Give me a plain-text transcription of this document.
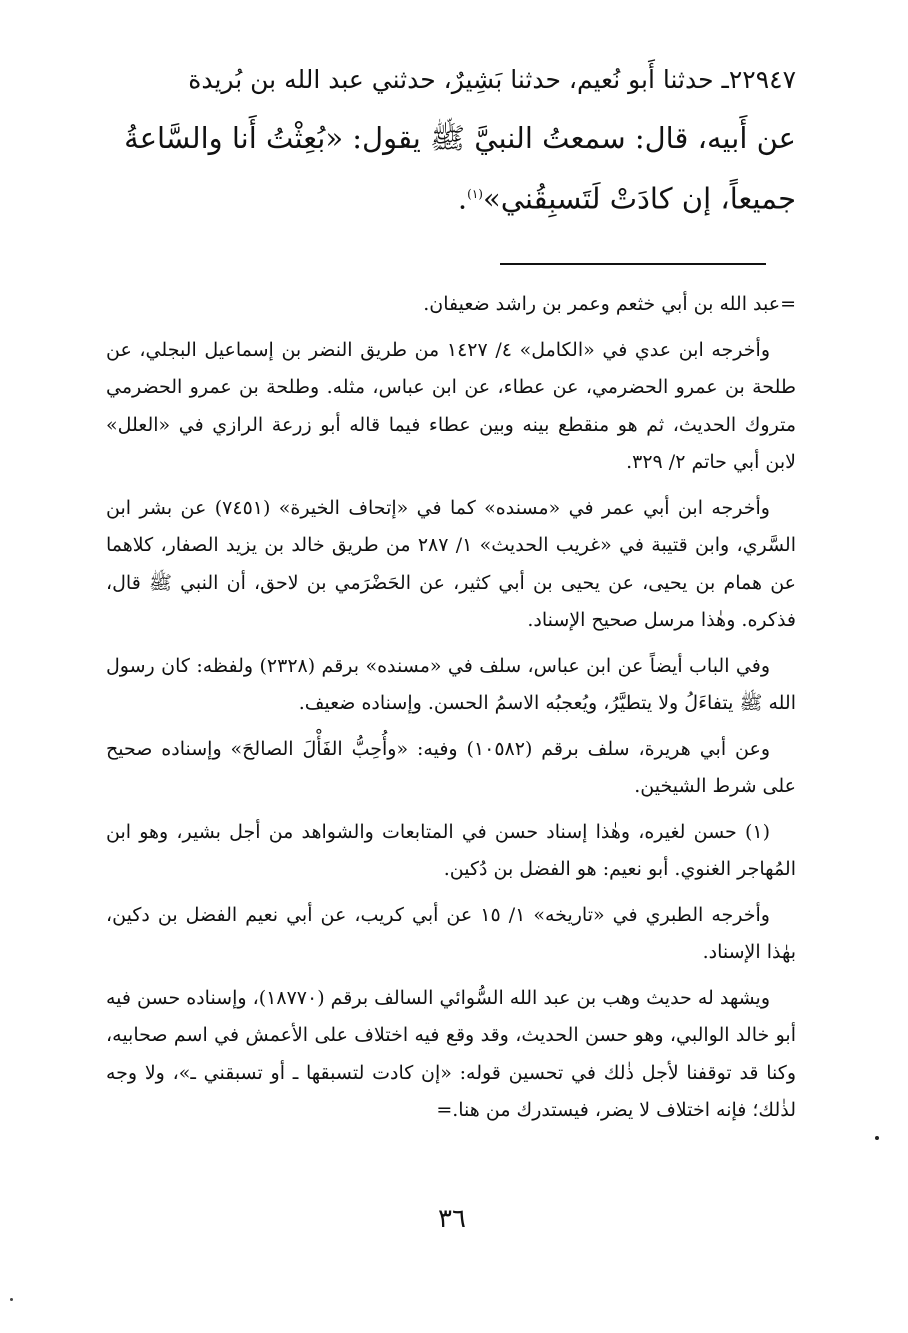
٢٢٩٤٧ـ حدثنا أَبو نُعيم، حدثنا بَشِيرٌ، حدثني عبد الله بن بُريدة
عن أَبيه، قال: سمعتُ النبيَّ ﷺ يقول: «بُعِثْتُ أَنا والسَّاعةُ
جميعاً، إن كادَتْ لَتَسبِقُني»$^{(١)}$.

=عبد الله بن أبي خثعم وعمر بن راشد ضعيفان.

وأخرجه ابن عدي في «الكامل» ٤/ ١٤٢٧ من طريق النضر بن إسماعيل البجلي، عن طلحة بن عمرو الحضرمي، عن عطاء، عن ابن عباس، مثله. وطلحة بن عمرو الحضرمي متروك الحديث، ثم هو منقطع بينه وبين عطاء فيما قاله أبو زرعة الرازي في «العلل» لابن أبي حاتم ٢/ ٣٢٩.

وأخرجه ابن أبي عمر في «مسنده» كما في «إتحاف الخيرة» (٧٤٥١) عن بشر ابن السَّري، وابن قتيبة في «غريب الحديث» ١/ ٢٨٧ من طريق خالد بن يزيد الصفار، كلاهما عن همام بن يحيى، عن يحيى بن أبي كثير، عن الحَضْرَمي بن لاحق، أن النبي ﷺ قال، فذكره. وهٰذا مرسل صحيح الإسناد.

وفي الباب أيضاً عن ابن عباس، سلف في «مسنده» برقم (٢٣٢٨) ولفظه: كان رسول الله ﷺ يتفاءَلُ ولا يتطيَّرُ، ويُعجبُه الاسمُ الحسن. وإسناده ضعيف.

وعن أبي هريرة، سلف برقم (١٠٥٨٢) وفيه: «وأُحِبُّ الفَأْلَ الصالحَ» وإسناده صحيح على شرط الشيخين.

(١) حسن لغيره، وهٰذا إسناد حسن في المتابعات والشواهد من أجل بشير، وهو ابن المُهاجر الغنوي. أبو نعيم: هو الفضل بن دُكين.

وأخرجه الطبري في «تاريخه» ١/ ١٥ عن أبي كريب، عن أبي نعيم الفضل بن دكين، بهٰذا الإسناد.

ويشهد له حديث وهب بن عبد الله السُّوائي السالف برقم (١٨٧٧٠)، وإسناده حسن فيه أبو خالد الوالبي، وهو حسن الحديث، وقد وقع فيه اختلاف على الأعمش في اسم صحابيه، وكنا قد توقفنا لأجل ذٰلك في تحسين قوله: «إن كادت لتسبقها ـ أو تسبقني ـ»، ولا وجه لذٰلك؛ فإنه اختلاف لا يضر، فيستدرك من هنا.=

٣٦
